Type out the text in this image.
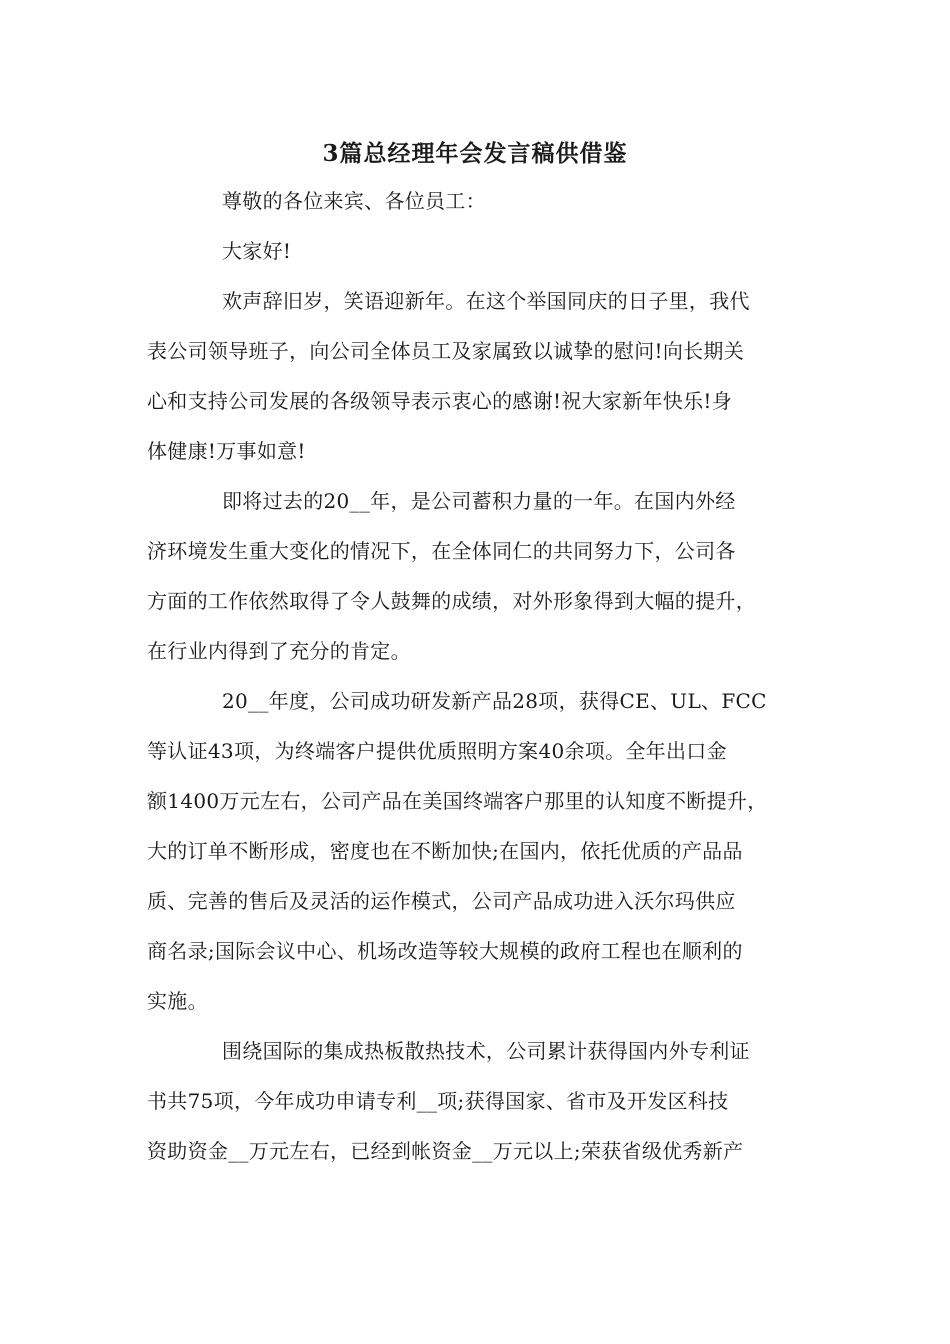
3篇总经理年会发言稿供借鉴

尊敬的各位来宾、各位员工：

大家好!

欢声辞旧岁，笑语迎新年。在这个举国同庆的日子里，我代

表公司领导班子，向公司全体员工及家属致以诚挚的慰问!向长期关

心和支持公司发展的各级领导表示衷心的感谢!祝大家新年快乐!身

体健康!万事如意!

即将过去的20__年，是公司蓄积力量的一年。在国内外经

济环境发生重大变化的情况下，在全体同仁的共同努力下，公司各

方面的工作依然取得了令人鼓舞的成绩，对外形象得到大幅的提升，

在行业内得到了充分的肯定。

20__年度，公司成功研发新产品28项，获得CE、UL、FCC

等认证43项，为终端客户提供优质照明方案40余项。全年出口金

额1400万元左右，公司产品在美国终端客户那里的认知度不断提升，

大的订单不断形成，密度也在不断加快;在国内，依托优质的产品品

质、完善的售后及灵活的运作模式，公司产品成功进入沃尔玛供应

商名录;国际会议中心、机场改造等较大规模的政府工程也在顺利的

实施。

围绕国际的集成热板散热技术，公司累计获得国内外专利证

书共75项，今年成功申请专利__项;获得国家、省市及开发区科技

资助资金__万元左右，已经到帐资金__万元以上;荣获省级优秀新产
